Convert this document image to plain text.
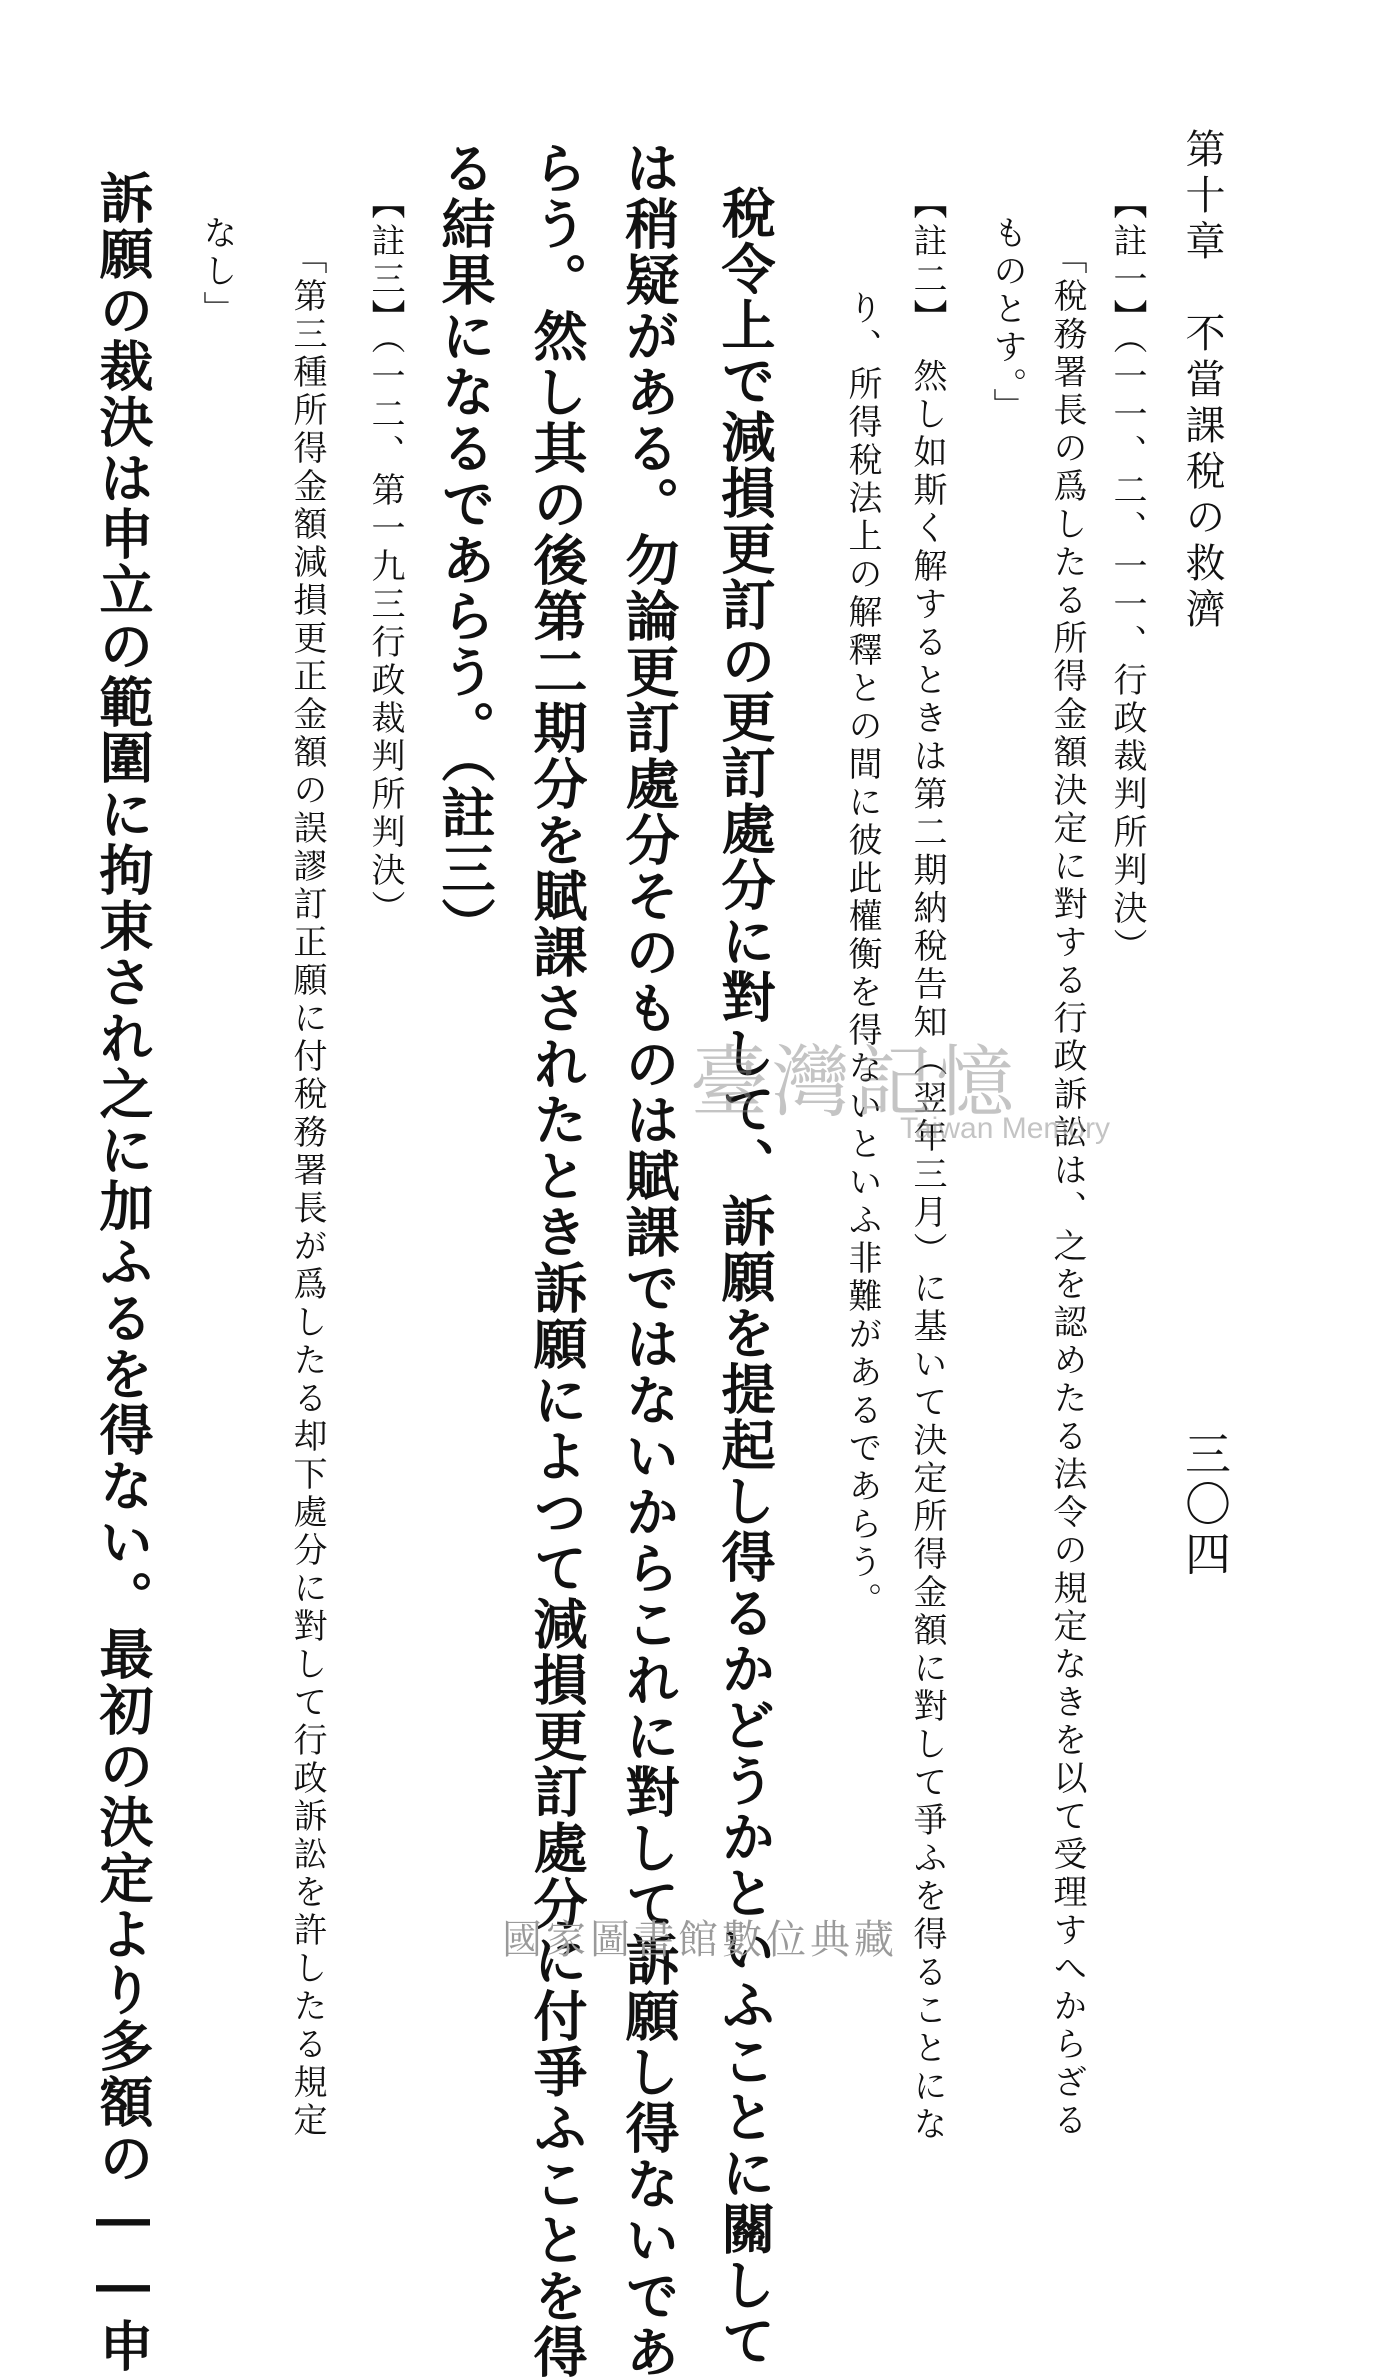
第十章　不當課稅の救濟
三〇四
【註一】（一一、二、一一、行政裁判所判決）
「稅務署長の爲したる所得金額決定に對する行政訴訟は、之を認めたる法令の規定なきを以て受理すへからざる
ものとす。」
【註二】　然し如斯く解するときは第二期納稅告知（翌年三月）に基いて決定所得金額に對して爭ふを得ることにな
り、所得稅法上の解釋との間に彼此權衡を得ないといふ非難があるであらう。
稅令上で減損更訂の更訂處分に對して、訴願を提起し得るかどうかといふことに關して
は稍疑がある。勿論更訂處分そのものは賦課ではないからこれに對して訴願し得ないであ
らう。然し其の後第二期分を賦課されたとき訴願によつて減損更訂處分に付爭ふことを得
る結果になるであらう。（註三）
【註三】（一二、第一九三行政裁判所判決）
「第三種所得金額減損更正金額の誤謬訂正願に付稅務署長が爲したる却下處分に對して行政訴訟を許したる規定
なし」
訴願の裁決は申立の範圍に拘束され之に加ふるを得ない。最初の決定より多額の――申	臺灣記憶
Taiwan Memory
國家圖書館數位典藏
